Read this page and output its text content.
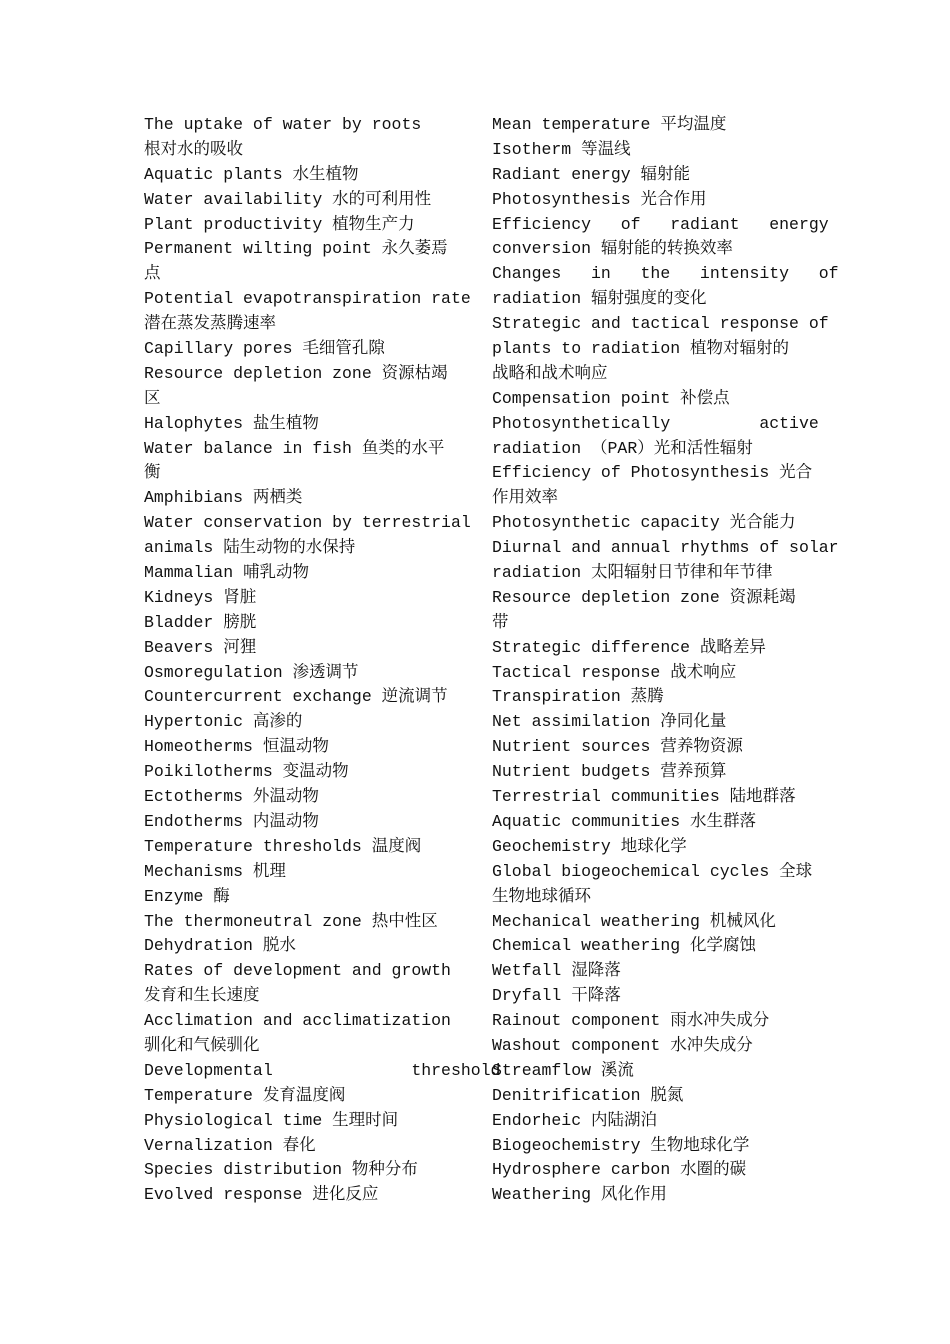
The uptake of water by roots
根对水的吸收
Aquatic plants 水生植物
Water availability 水的可利用性
Plant productivity 植物生产力
Permanent wilting point 永久萎焉
点
Potential evapotranspiration rate
潜在蒸发蒸腾速率
Capillary pores 毛细管孔隙
Resource depletion zone 资源枯竭
区
Halophytes 盐生植物
Water balance in fish 鱼类的水平
衡
Amphibians 两栖类
Water conservation by terrestrial
animals 陆生动物的水保持
Mammalian 哺乳动物
Kidneys 肾脏
Bladder 膀胱
Beavers 河狸
Osmoregulation 渗透调节
Countercurrent exchange 逆流调节
Hypertonic 高渗的
Homeotherms 恒温动物
Poikilotherms 变温动物
Ectotherms 外温动物
Endotherms 内温动物
Temperature thresholds 温度阀
Mechanisms 机理
Enzyme 酶
The thermoneutral zone 热中性区
Dehydration 脱水
Rates of development and growth
发育和生长速度
Acclimation and acclimatization
驯化和气候驯化
Developmental              threshold
Temperature 发育温度阀
Physiological time 生理时间
Vernalization 春化
Species distribution 物种分布
Evolved response 进化反应
Mean temperature 平均温度
Isotherm 等温线
Radiant energy 辐射能
Photosynthesis 光合作用
Efficiency   of   radiant   energy
conversion 辐射能的转换效率
Changes   in   the   intensity   of
radiation 辐射强度的变化
Strategic and tactical response of
plants to radiation 植物对辐射的
战略和战术响应
Compensation point 补偿点
Photosynthetically         active
radiation （PAR）光和活性辐射
Efficiency of Photosynthesis 光合
作用效率
Photosynthetic capacity 光合能力
Diurnal and annual rhythms of solar
radiation 太阳辐射日节律和年节律
Resource depletion zone 资源耗竭
带
Strategic difference 战略差异
Tactical response 战术响应
Transpiration 蒸腾
Net assimilation 净同化量
Nutrient sources 营养物资源
Nutrient budgets 营养预算
Terrestrial communities 陆地群落
Aquatic communities 水生群落
Geochemistry 地球化学
Global biogeochemical cycles 全球
生物地球循环
Mechanical weathering 机械风化
Chemical weathering 化学腐蚀
Wetfall 湿降落
Dryfall 干降落
Rainout component 雨水冲失成分
Washout component 水冲失成分
Streamflow 溪流
Denitrification 脱氮
Endorheic 内陆湖泊
Biogeochemistry 生物地球化学
Hydrosphere carbon 水圈的碳
Weathering 风化作用
